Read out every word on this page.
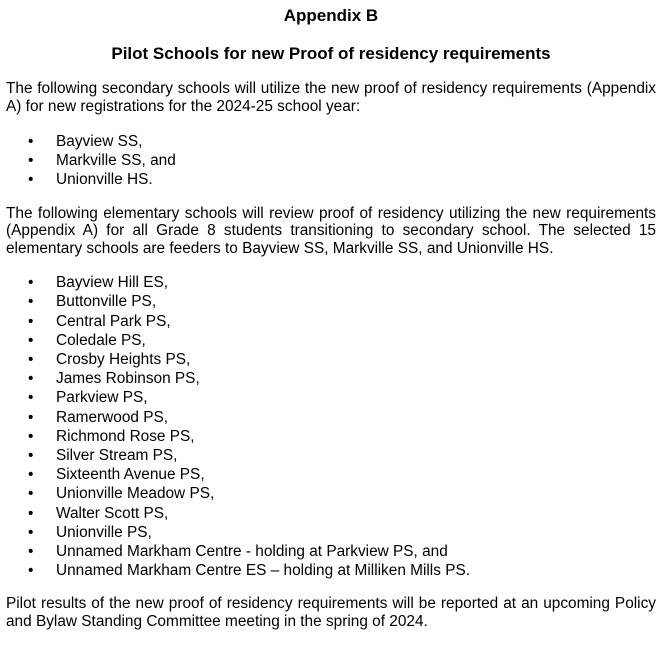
Appendix B
Pilot Schools for new Proof of residency requirements

The following secondary schools will utilize the new proof of residency requirements (Appendix A) for new registrations for the 2024-25 school year:

• Bayview SS,
• Markville SS, and
• Unionville HS.

The following elementary schools will review proof of residency utilizing the new requirements (Appendix A) for all Grade 8 students transitioning to secondary school. The selected 15 elementary schools are feeders to Bayview SS, Markville SS, and Unionville HS.

• Bayview Hill ES,
• Buttonville PS,
• Central Park PS,
• Coledale PS,
• Crosby Heights PS,
• James Robinson PS,
• Parkview PS,
• Ramerwood PS,
• Richmond Rose PS,
• Silver Stream PS,
• Sixteenth Avenue PS,
• Unionville Meadow PS,
• Walter Scott PS,
• Unionville PS,
• Unnamed Markham Centre - holding at Parkview PS, and
• Unnamed Markham Centre ES – holding at Milliken Mills PS.

Pilot results of the new proof of residency requirements will be reported at an upcoming Policy and Bylaw Standing Committee meeting in the spring of 2024.
